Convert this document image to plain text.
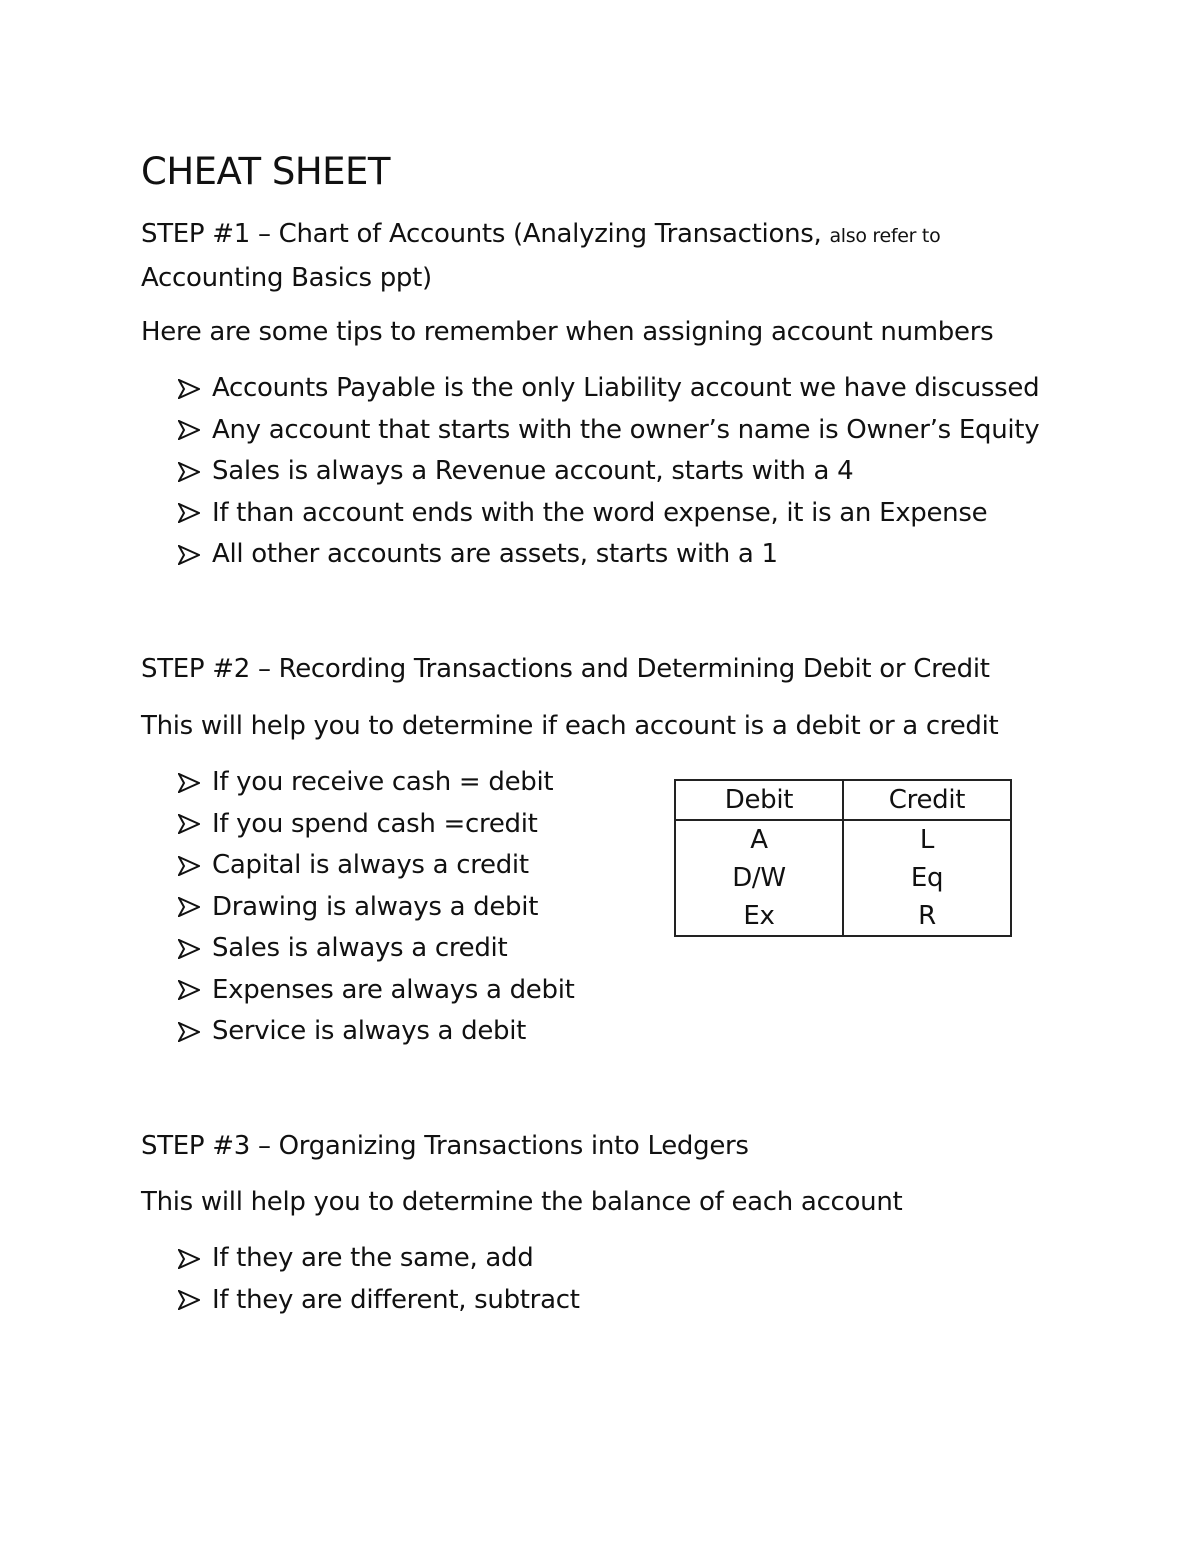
CHEAT SHEET

STEP #1 – Chart of Accounts (Analyzing Transactions, also refer to
Accounting Basics ppt)

Here are some tips to remember when assigning account numbers

Accounts Payable is the only Liability account we have discussed
Any account that starts with the owner’s name is Owner’s Equity
Sales is always a Revenue account, starts with a 4
If than account ends with the word expense, it is an Expense
All other accounts are assets, starts with a 1

STEP #2 – Recording Transactions and Determining Debit or Credit

This will help you to determine if each account is a debit or a credit

If you receive cash = debit
If you spend cash =credit
Capital is always a credit
Drawing is always a debit
Sales is always a credit
Expenses are always a debit
Service is always a debit
Debit	Credit
A	L
D/W	Eq
Ex	R

STEP #3 – Organizing Transactions into Ledgers

This will help you to determine the balance of each account

If they are the same, add
If they are different, subtract
